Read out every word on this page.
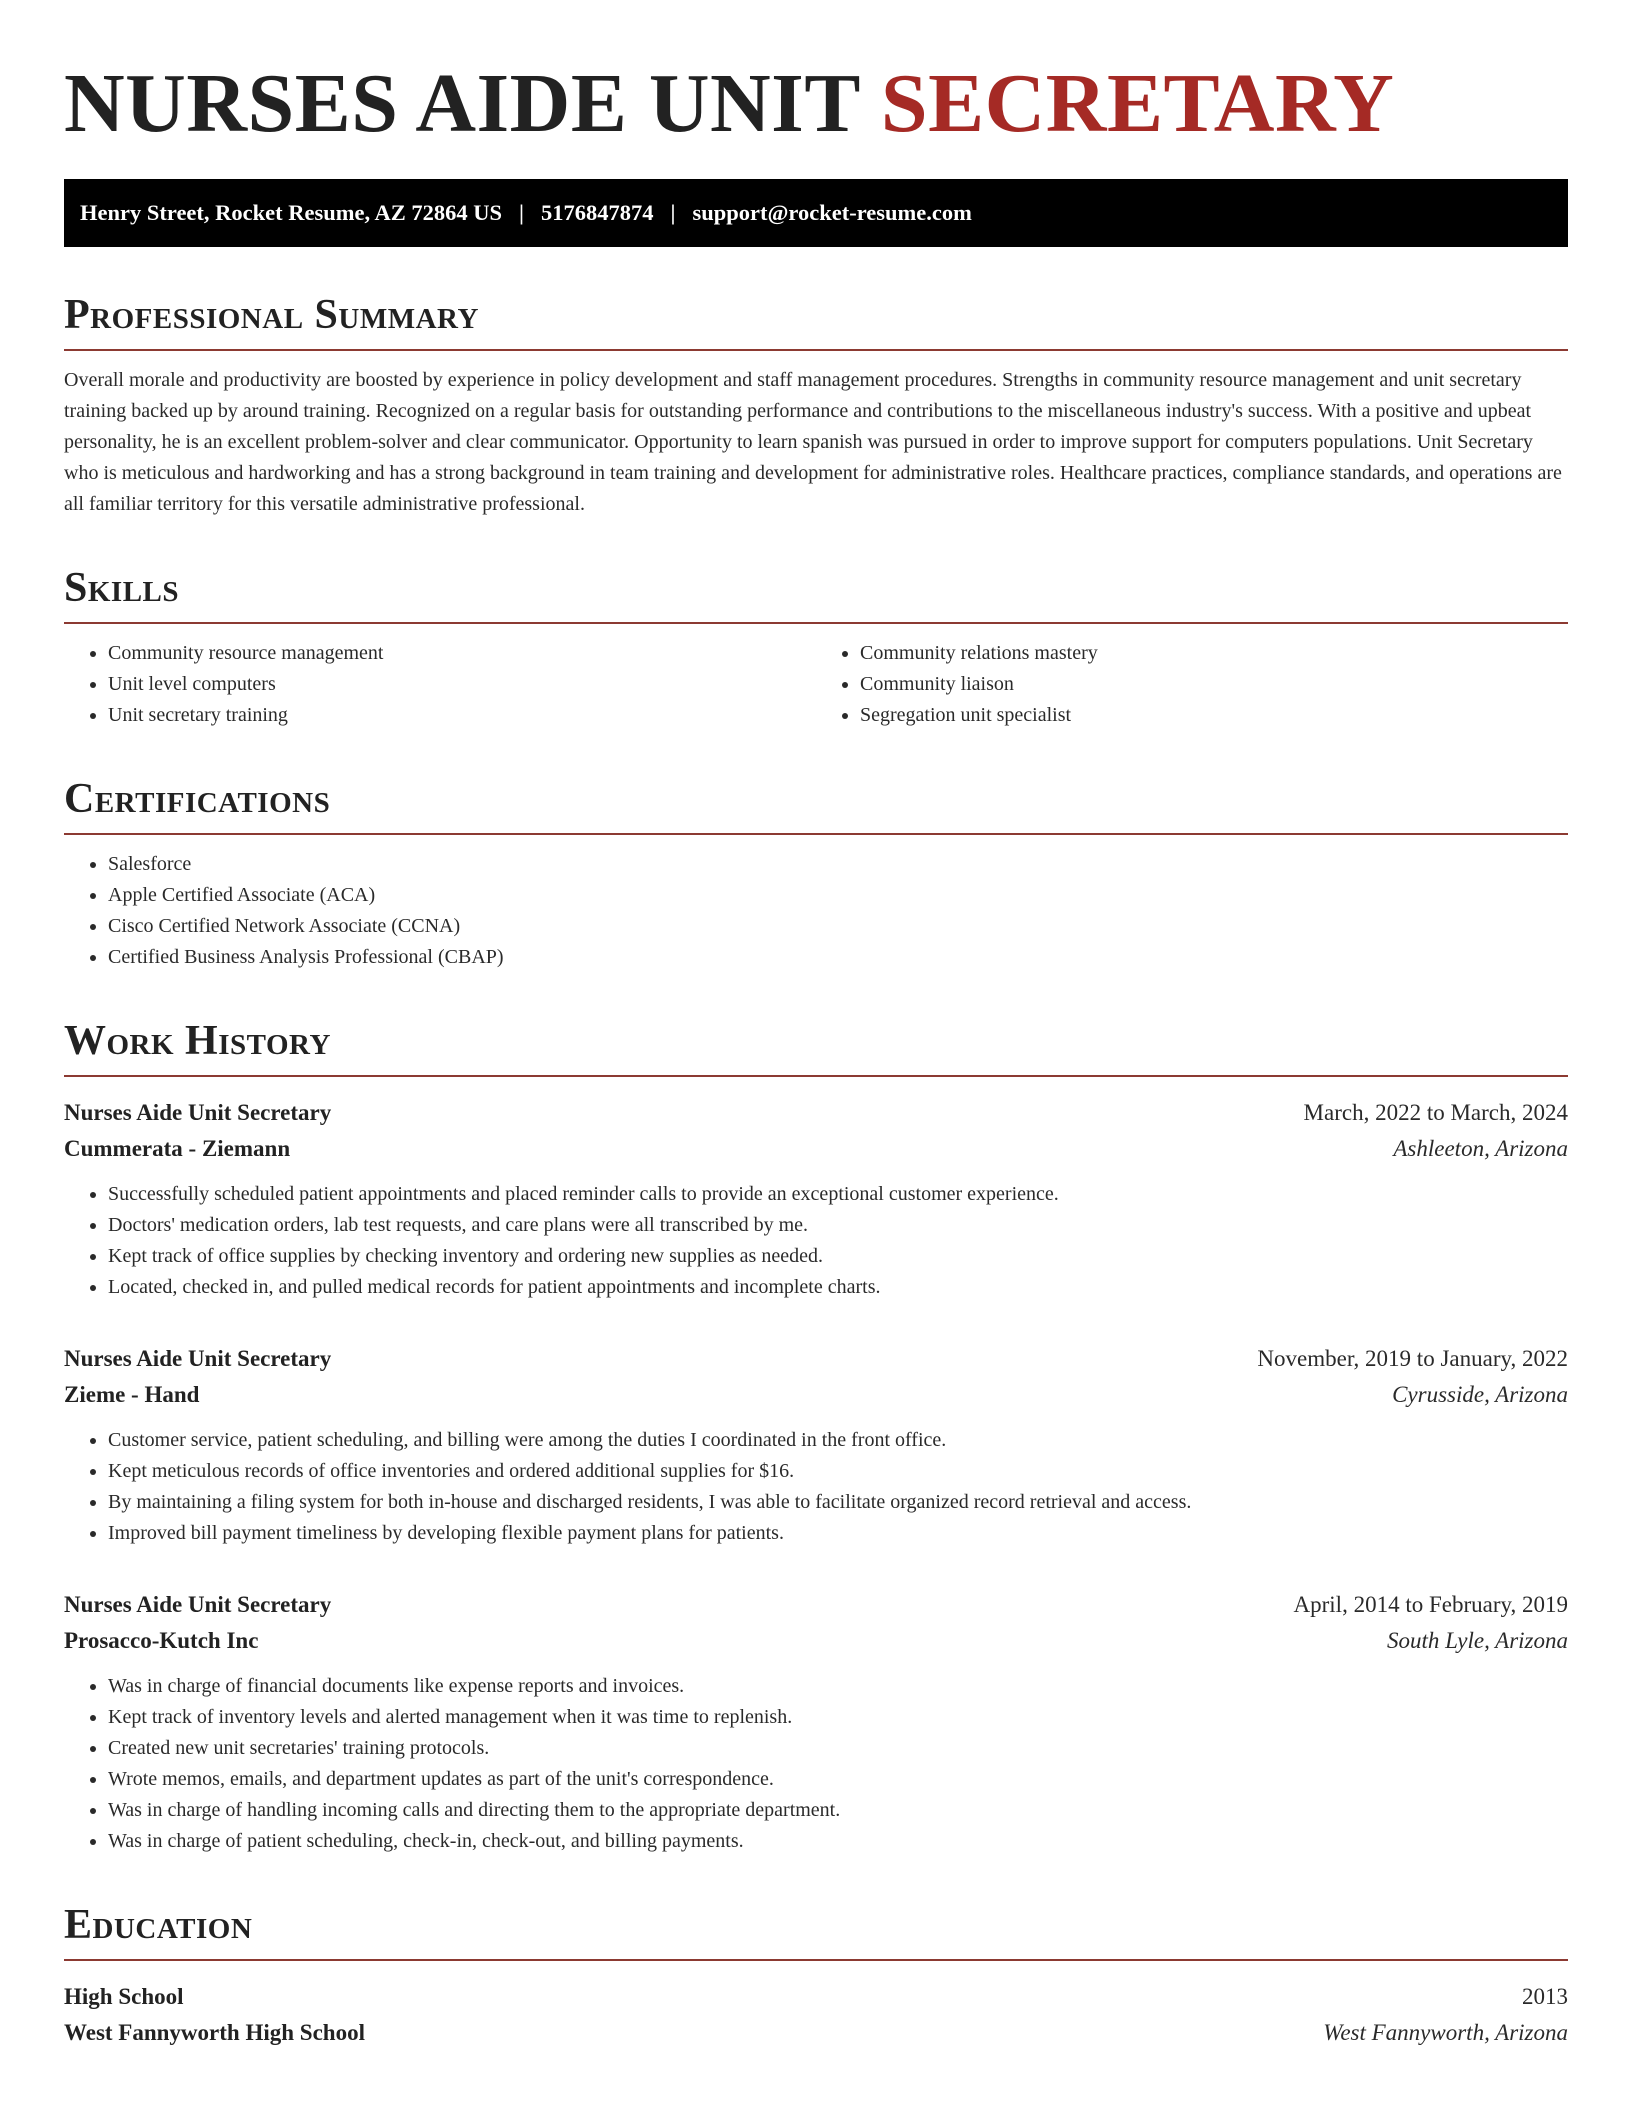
NURSES AIDE UNIT SECRETARY
Henry Street, Rocket Resume, AZ 72864 US | 5176847874 | support@rocket-resume.com
Professional Summary

Overall morale and productivity are boosted by experience in policy development and staff management procedures. Strengths in community resource management and unit secretary training backed up by around training. Recognized on a regular basis for outstanding performance and contributions to the miscellaneous industry's success. With a positive and upbeat personality, he is an excellent problem-solver and clear communicator. Opportunity to learn spanish was pursued in order to improve support for computers populations. Unit Secretary who is meticulous and hardworking and has a strong background in team training and development for administrative roles. Healthcare practices, compliance standards, and operations are all familiar territory for this versatile administrative professional.

Skills
• Community resource management
• Unit level computers
• Unit secretary training
• Community relations mastery
• Community liaison
• Segregation unit specialist
Certifications
• Salesforce
• Apple Certified Associate (ACA)
• Cisco Certified Network Associate (CCNA)
• Certified Business Analysis Professional (CBAP)
Work History
Nurses Aide Unit Secretary	March, 2022 to March, 2024
Cummerata - Ziemann	Ashleeton, Arizona
• Successfully scheduled patient appointments and placed reminder calls to provide an exceptional customer experience.
• Doctors' medication orders, lab test requests, and care plans were all transcribed by me.
• Kept track of office supplies by checking inventory and ordering new supplies as needed.
• Located, checked in, and pulled medical records for patient appointments and incomplete charts.
Nurses Aide Unit Secretary	November, 2019 to January, 2022
Zieme - Hand	Cyrusside, Arizona
• Customer service, patient scheduling, and billing were among the duties I coordinated in the front office.
• Kept meticulous records of office inventories and ordered additional supplies for $16.
• By maintaining a filing system for both in-house and discharged residents, I was able to facilitate organized record retrieval and access.
• Improved bill payment timeliness by developing flexible payment plans for patients.
Nurses Aide Unit Secretary	April, 2014 to February, 2019
Prosacco-Kutch Inc	South Lyle, Arizona
• Was in charge of financial documents like expense reports and invoices.
• Kept track of inventory levels and alerted management when it was time to replenish.
• Created new unit secretaries' training protocols.
• Wrote memos, emails, and department updates as part of the unit's correspondence.
• Was in charge of handling incoming calls and directing them to the appropriate department.
• Was in charge of patient scheduling, check-in, check-out, and billing payments.
Education
High School	2013
West Fannyworth High School	West Fannyworth, Arizona
